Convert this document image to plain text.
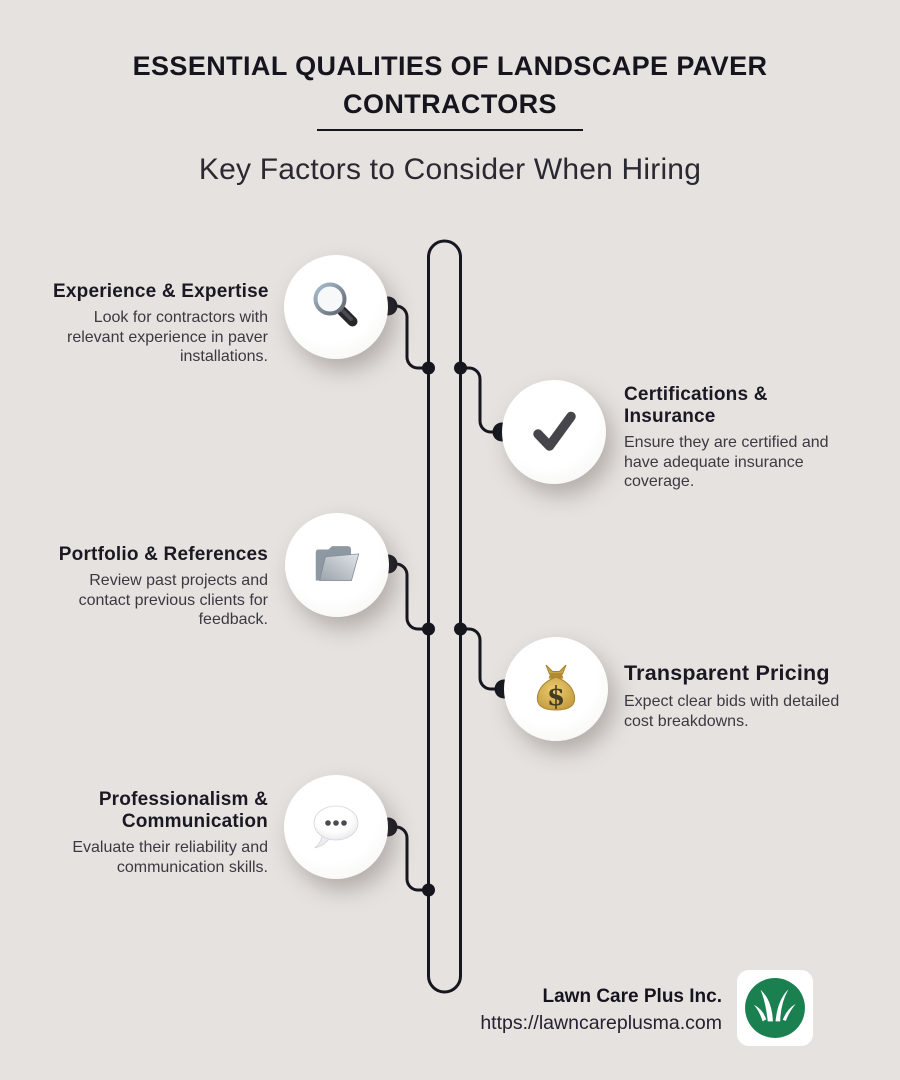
ESSENTIAL QUALITIES OF LANDSCAPE PAVER
CONTRACTORS
Key Factors to Consider When Hiring
$
Experience & Expertise

Look for contractors with relevant experience in paver installations.

Certifications & Insurance

Ensure they are certified and have adequate insurance coverage.

Portfolio & References

Review past projects and contact previous clients for feedback.

Transparent Pricing

Expect clear bids with detailed cost breakdowns.

Professionalism & Communication

Evaluate their reliability and communication skills.

Lawn Care Plus Inc.

https://lawncareplusma.com
